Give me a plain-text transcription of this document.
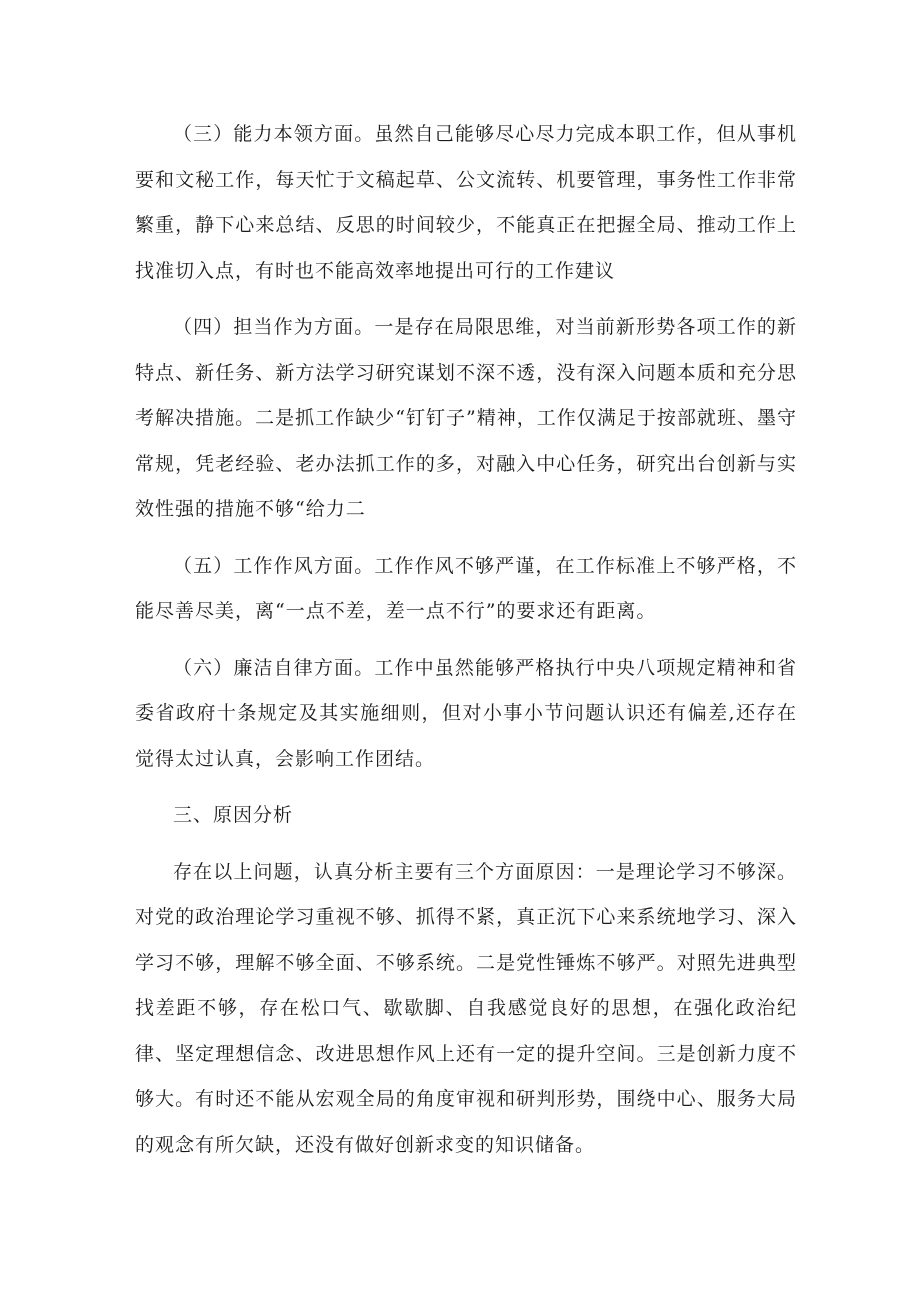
（三）能力本领方面。虽然自己能够尽心尽力完成本职工作，但从事机要和文秘工作，每天忙于文稿起草、公文流转、机要管理，事务性工作非常繁重，静下心来总结、反思的时间较少，不能真正在把握全局、推动工作上找准切入点，有时也不能高效率地提出可行的工作建议

（四）担当作为方面。一是存在局限思维，对当前新形势各项工作的新特点、新任务、新方法学习研究谋划不深不透，没有深入问题本质和充分思考解决措施。二是抓工作缺少“钉钉子”精神，工作仅满足于按部就班、墨守常规，凭老经验、老办法抓工作的多，对融入中心任务，研究出台创新与实效性强的措施不够“给力二

（五）工作作风方面。工作作风不够严谨，在工作标准上不够严格，不能尽善尽美，离“一点不差，差一点不行”的要求还有距离。

（六）廉洁自律方面。工作中虽然能够严格执行中央八项规定精神和省委省政府十条规定及其实施细则，但对小事小节问题认识还有偏差,还存在觉得太过认真，会影响工作团结。

三、原因分析

存在以上问题，认真分析主要有三个方面原因：一是理论学习不够深。对党的政治理论学习重视不够、抓得不紧，真正沉下心来系统地学习、深入学习不够，理解不够全面、不够系统。二是党性锤炼不够严。对照先进典型找差距不够，存在松口气、歇歇脚、自我感觉良好的思想，在强化政治纪律、坚定理想信念、改进思想作风上还有一定的提升空间。三是创新力度不够大。有时还不能从宏观全局的角度审视和研判形势，围绕中心、服务大局的观念有所欠缺，还没有做好创新求变的知识储备。
